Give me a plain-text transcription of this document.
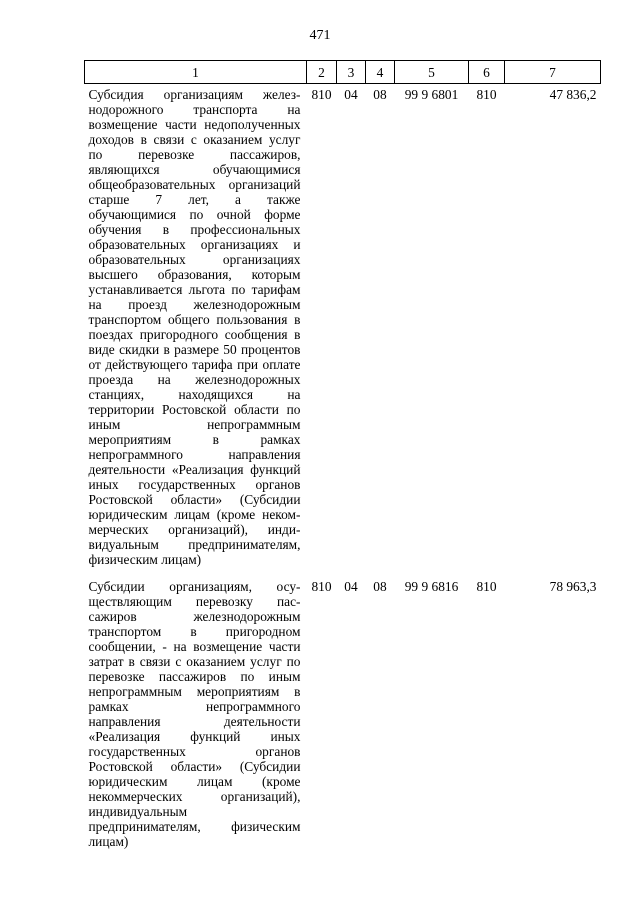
471
1	2	3	4	5	6	7
Субсидия организациям железнодорожного транспорта на возмещение части недополученных доходов в связи с оказанием услуг по перевозке пассажиров, являющихся обучающимися общеобразовательных организаций старше 7 лет, а также обучающимися по очной форме обучения в профессиональных образовательных организациях и образовательных организациях высшего образования, которым устанавливается льгота по тарифам на проезд железнодорожным транспортом общего пользования в поездах пригородного сообщения в виде скидки в размере 50 процентов от действующего тарифа при оплате проезда на железнодорожных станциях, находящихся на территории Ростовской области по иным непрограммным мероприятиям в рамках непрограммного направления деятельности «Реализация функций иных государственных органов Ростовской области» (Субсидии юридическим лицам (кроме некоммерческих организаций), индивидуальным предпринимателям, физическим лицам)	810	04	08	99 9 6801	810	47 836,2
Субсидии организациям, осуществляющим перевозку пассажиров железнодорожным транспортом в пригородном сообщении, - на возмещение части затрат в связи с оказанием услуг по перевозке пассажиров по иным непрограммным мероприятиям в рамках непрограммного направления деятельности «Реализация функций иных государственных органов Ростовской области» (Субсидии юридическим лицам (кроме некоммерческих организаций), индивидуальным предпринимателям, физическим лицам)	810	04	08	99 9 6816	810	78 963,3
